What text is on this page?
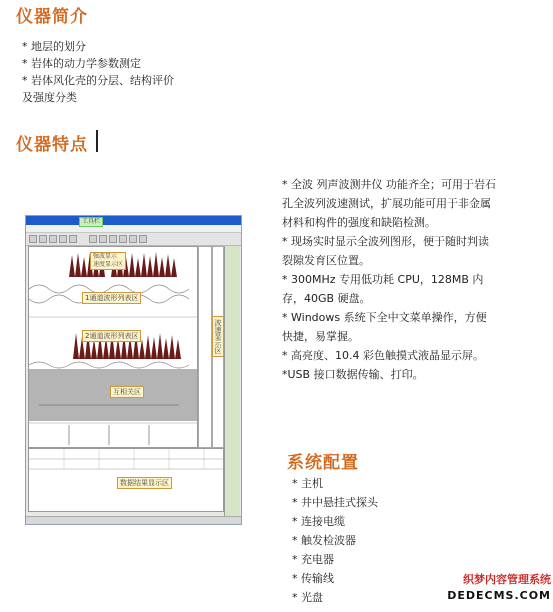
仪器简介
* 地层的划分
* 岩体的动力学参数测定
* 岩体风化壳的分层、结构评价
及强度分类
仪器特点
工具栏
强波显示
速度显示区
1通道波形列表区
2通道波形列表区	波速显示区
互相关区
数据结果显示区

* 全波 列声波测井仪 功能齐全；可用于岩石孔全波列波速测试，扩展功能可用于非金属材料和构件的强度和缺陷检测。

* 现场实时显示全波列图形，便于随时判读裂隙发育区位置。

* 300MHz 专用低功耗 CPU，128MB 内存，40GB 硬盘。

* Windows 系统下全中文菜单操作，方便快捷，易掌握。

* 高亮度、10.4 彩色触摸式液晶显示屏。

*USB 接口数据传输、打印。

系统配置
* 主机
* 井中悬挂式探头
* 连接电缆
* 触发检波器
* 充电器
* 传输线
* 光盘
织梦内容管理系统
DEDECMS.COM
